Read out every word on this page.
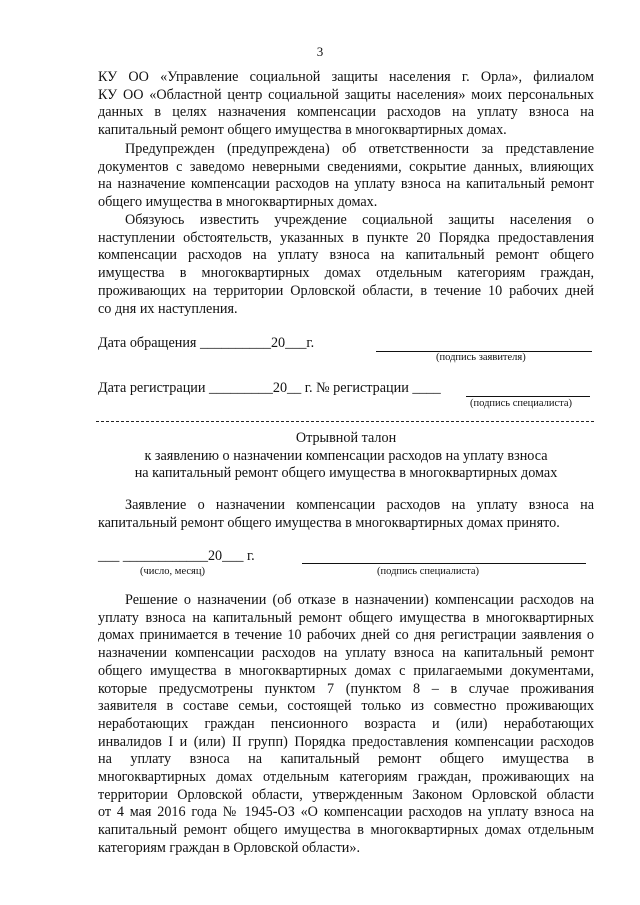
3
КУ ОО «Управление социальной защиты населения г. Орла», филиалом
КУ ОО «Областной центр социальной защиты населения» моих персональных
данных в целях назначения компенсации расходов на уплату взноса на
капитальный ремонт общего имущества в многоквартирных домах.
Предупрежден (предупреждена) об ответственности за представление
документов с заведомо неверными сведениями, сокрытие данных, влияющих
на назначение компенсации расходов на уплату взноса на капитальный ремонт
общего имущества в многоквартирных домах.
Обязуюсь известить учреждение социальной защиты населения о
наступлении обстоятельств, указанных в пункте 20 Порядка предоставления
компенсации расходов на уплату взноса на капитальный ремонт общего
имущества в многоквартирных домах отдельным категориям граждан,
проживающих на территории Орловской области, в течение 10 рабочих дней
со дня их наступления.
Дата обращения __________20___г.
(подпись заявителя)
Дата регистрации _________20__ г. № регистрации ____
(подпись специалиста)
Отрывной талон
к заявлению о назначении компенсации расходов на уплату взноса
на капитальный ремонт общего имущества в многоквартирных домах
Заявление о назначении компенсации расходов на уплату взноса на
капитальный ремонт общего имущества в многоквартирных домах принято.
___ ____________20___ г.
(число, месяц)	(подпись специалиста)
Решение о назначении (об отказе в назначении) компенсации расходов на
уплату взноса на капитальный ремонт общего имущества в многоквартирных
домах принимается в течение 10 рабочих дней со дня регистрации заявления о
назначении компенсации расходов на уплату взноса на капитальный ремонт
общего имущества в многоквартирных домах с прилагаемыми документами,
которые предусмотрены пунктом 7 (пунктом 8 – в случае проживания
заявителя в составе семьи, состоящей только из совместно проживающих
неработающих граждан пенсионного возраста и (или) неработающих
инвалидов I и (или) II групп) Порядка предоставления компенсации расходов
на уплату взноса на капитальный ремонт общего имущества в
многоквартирных домах отдельным категориям граждан, проживающих на
территории Орловской области, утвержденным Законом Орловской области
от 4 мая 2016 года № 1945-ОЗ «О компенсации расходов на уплату взноса на
капитальный ремонт общего имущества в многоквартирных домах отдельным
категориям граждан в Орловской области».
